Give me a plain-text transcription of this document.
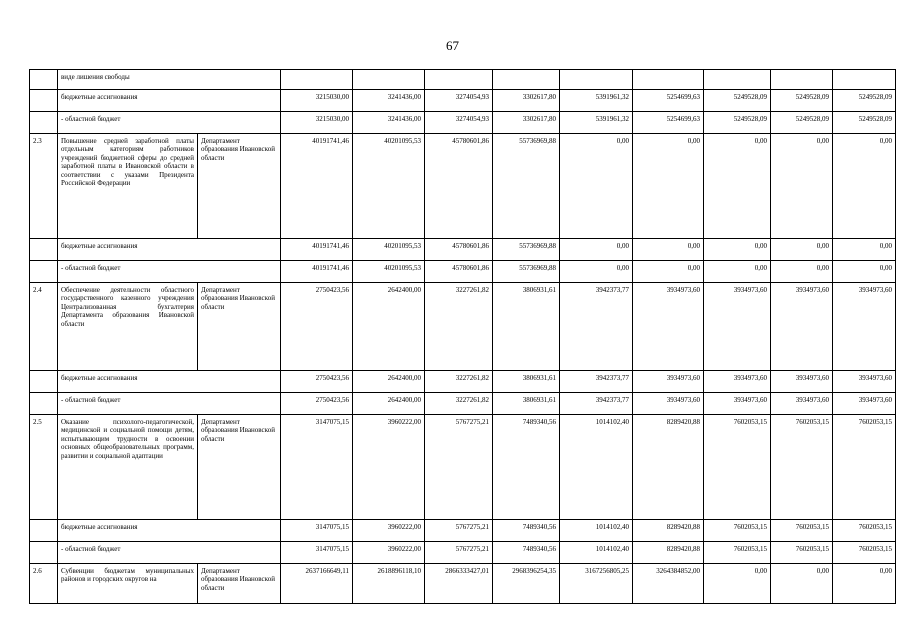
67
	виде лишения свободы										
	бюджетные ассигнования		3215030,00	3241436,00	3274054,93	3302617,80	5391961,32	5254699,63	5249528,09	5249528,09	5249528,09
	- областной бюджет		3215030,00	3241436,00	3274054,93	3302617,80	5391961,32	5254699,63	5249528,09	5249528,09	5249528,09
2.3	Повышение средней заработной платы отдельным категориям работников учреждений бюджетной сферы до средней заработной платы в Ивановской области в соответствии с указами Президента Российской Федерации	Департамент образования Ивановской области	40191741,46	40201095,53	45780601,86	55736969,88	0,00	0,00	0,00	0,00	0,00
	бюджетные ассигнования		40191741,46	40201095,53	45780601,86	55736969,88	0,00	0,00	0,00	0,00	0,00
	- областной бюджет		40191741,46	40201095,53	45780601,86	55736969,88	0,00	0,00	0,00	0,00	0,00
2.4	Обеспечение деятельности областного государственного казенного учреждения Централизованная бухгалтерия Департамента образования Ивановской области	Департамент образования Ивановской области	2750423,56	2642400,00	3227261,82	3806931,61	3942373,77	3934973,60	3934973,60	3934973,60	3934973,60
	бюджетные ассигнования		2750423,56	2642400,00	3227261,82	3806931,61	3942373,77	3934973,60	3934973,60	3934973,60	3934973,60
	- областной бюджет		2750423,56	2642400,00	3227261,82	3806931,61	3942373,77	3934973,60	3934973,60	3934973,60	3934973,60
2.5	Оказание психолого-педагогической, медицинской и социальной помощи детям, испытывающим трудности в освоении основных общеобразовательных программ, развитии и социальной адаптации	Департамент образования Ивановской области	3147075,15	3960222,00	5767275,21	7489340,56	1014102,40	8289420,88	7602053,15	7602053,15	7602053,15
	бюджетные ассигнования		3147075,15	3960222,00	5767275,21	7489340,56	1014102,40	8289420,88	7602053,15	7602053,15	7602053,15
	- областной бюджет		3147075,15	3960222,00	5767275,21	7489340,56	1014102,40	8289420,88	7602053,15	7602053,15	7602053,15
2.6	Субвенции бюджетам муниципальных районов и городских округов на	Департамент образования Ивановской области	2637166649,11	2618896118,10	2866333427,01	2968396254,35	3167256805,25	3264384852,00	0,00	0,00	0,00
